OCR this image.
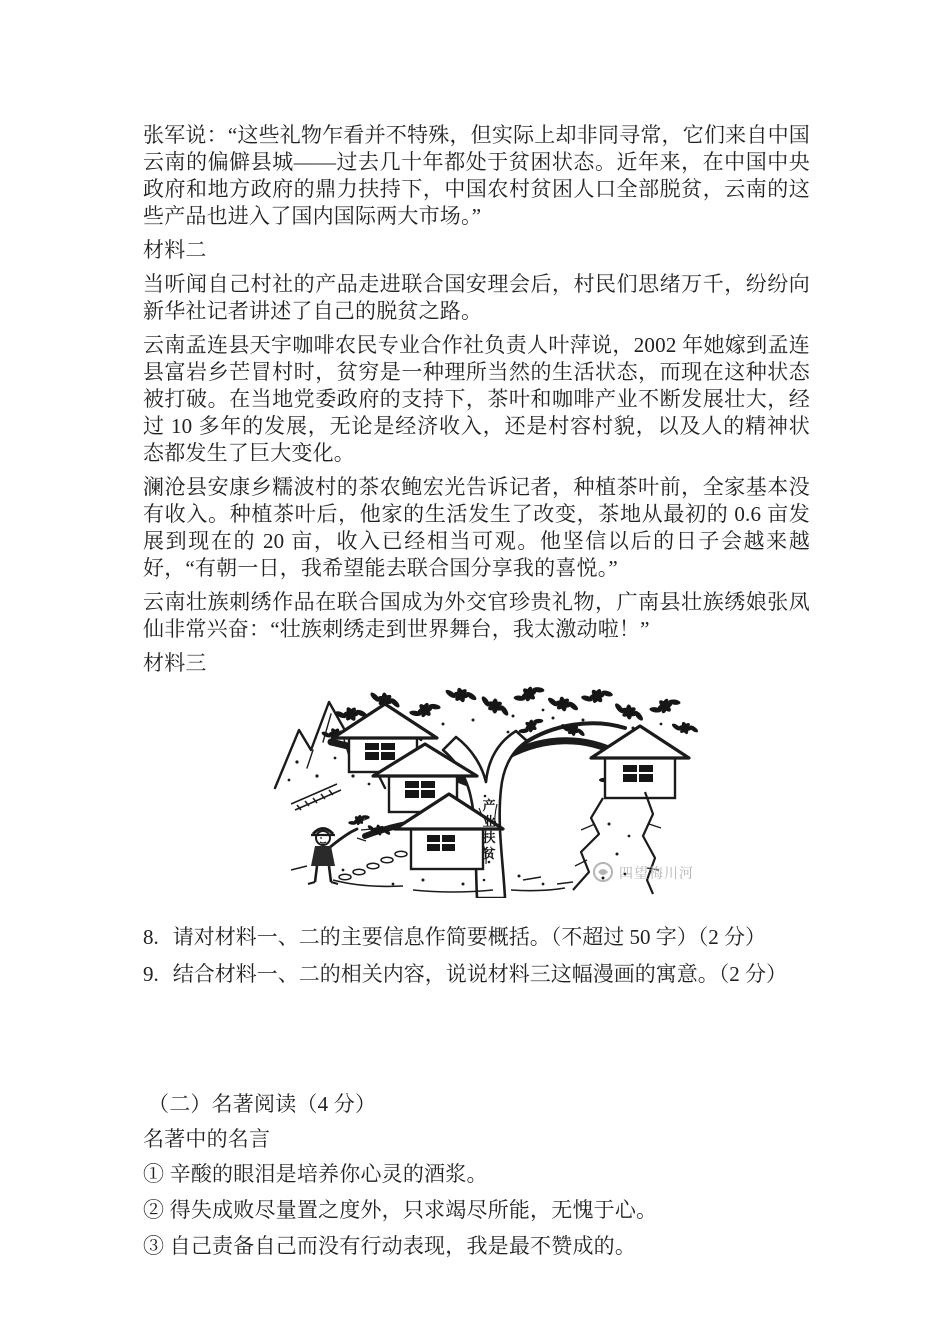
张军说：“这些礼物乍看并不特殊，但实际上却非同寻常，它们来自中国云南的偏僻县城——过去几十年都处于贫困状态。近年来，在中国中央政府和地方政府的鼎力扶持下，中国农村贫困人口全部脱贫，云南的这些产品也进入了国内国际两大市场。”

材料二

当听闻自己村社的产品走进联合国安理会后，村民们思绪万千，纷纷向新华社记者讲述了自己的脱贫之路。

云南孟连县天宇咖啡农民专业合作社负责人叶萍说，2002 年她嫁到孟连县富岩乡芒冒村时，贫穷是一种理所当然的生活状态，而现在这种状态被打破。在当地党委政府的支持下，茶叶和咖啡产业不断发展壮大，经过 10 多年的发展，无论是经济收入，还是村容村貌，以及人的精神状态都发生了巨大变化。

澜沧县安康乡糯波村的茶农鲍宏光告诉记者，种植茶叶前，全家基本没有收入。种植茶叶后，他家的生活发生了改变，茶地从最初的 0.6 亩发展到现在的 20 亩，收入已经相当可观。他坚信以后的日子会越来越好，“有朝一日，我希望能去联合国分享我的喜悦。”

云南壮族刺绣作品在联合国成为外交官珍贵礼物，广南县壮族绣娘张凤仙非常兴奋：“壮族刺绣走到世界舞台，我太激动啦！”

材料三

产
业
扶
贫
四望梅川河
8. 请对材料一、二的主要信息作简要概括。（不超过 50 字）（2 分）
9. 结合材料一、二的相关内容，说说材料三这幅漫画的寓意。（2 分）

（二）名著阅读（4 分）

名著中的名言

① 辛酸的眼泪是培养你心灵的酒浆。

② 得失成败尽量置之度外，只求竭尽所能，无愧于心。

③ 自己责备自己而没有行动表现，我是最不赞成的。
